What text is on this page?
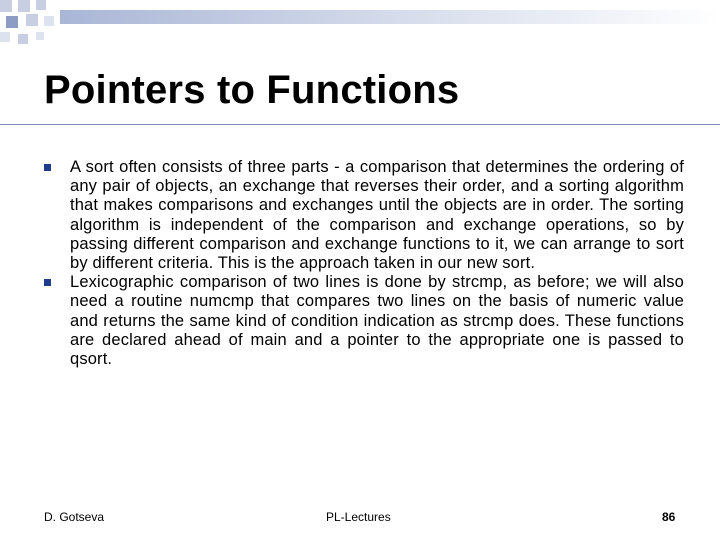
Pointers to Functions
A sort often consists of three parts - a comparison that determines the ordering of any pair of objects, an exchange that reverses their order, and a sorting algorithm that makes comparisons and exchanges until the objects are in order. The sorting algorithm is independent of the comparison and exchange operations, so by passing different comparison and exchange functions to it, we can arrange to sort by different criteria. This is the approach taken in our new sort.
Lexicographic comparison of two lines is done by strcmp, as before; we will also need a routine numcmp that compares two lines on the basis of numeric value and returns the same kind of condition indication as strcmp does. These functions are declared ahead of main and a pointer to the appropriate one is passed to qsort.
D. Gotseva	PL-Lectures	86
